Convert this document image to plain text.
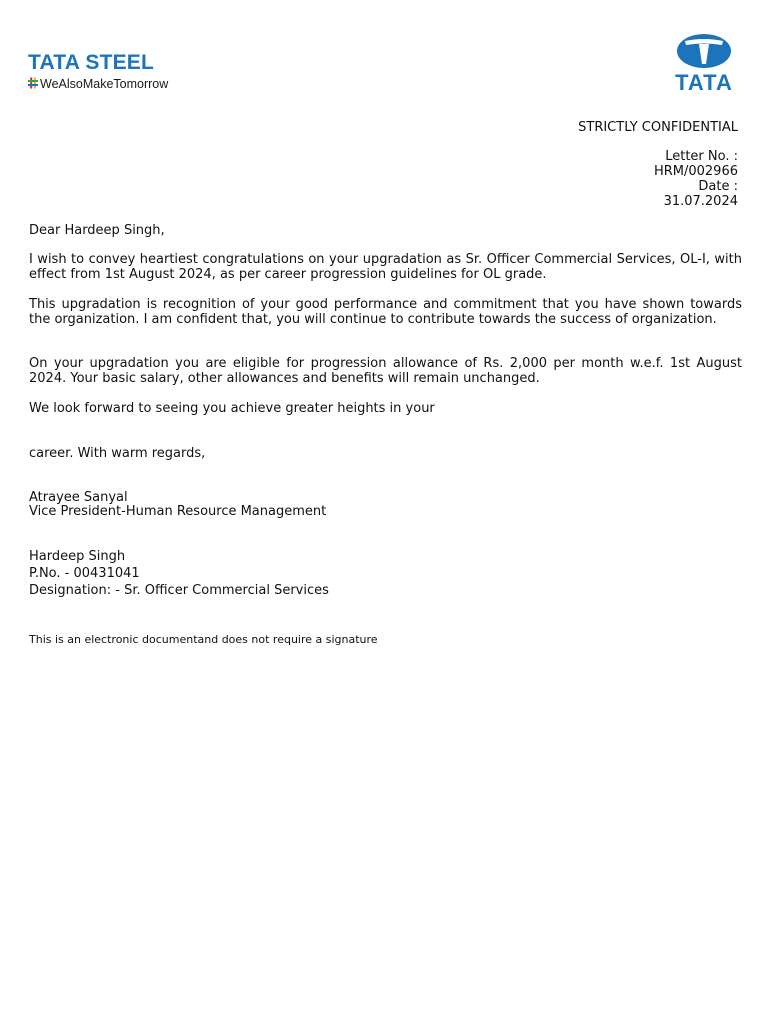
TATA STEEL
WeAlsoMakeTomorrow	TATA
STRICTLY CONFIDENTIAL
Letter No. :
HRM/002966
Date :
31.07.2024
Dear Hardeep Singh,
I wish to convey heartiest congratulations on your upgradation as Sr. Officer Commercial Services, OL-I, with effect from 1st August 2024, as per career progression guidelines for OL grade.
This upgradation is recognition of your good performance and commitment that you have shown towards the organization. I am confident that, you will continue to contribute towards the success of organization.
On your upgradation you are eligible for progression allowance of Rs. 2,000 per month w.e.f. 1st August 2024. Your basic salary, other allowances and benefits will remain unchanged.
We look forward to seeing you achieve greater heights in your
career. With warm regards,
Atrayee Sanyal
Vice President-Human Resource Management
Hardeep Singh
P.No. - 00431041
Designation: - Sr. Officer Commercial Services
This is an electronic documentand does not require a signature
